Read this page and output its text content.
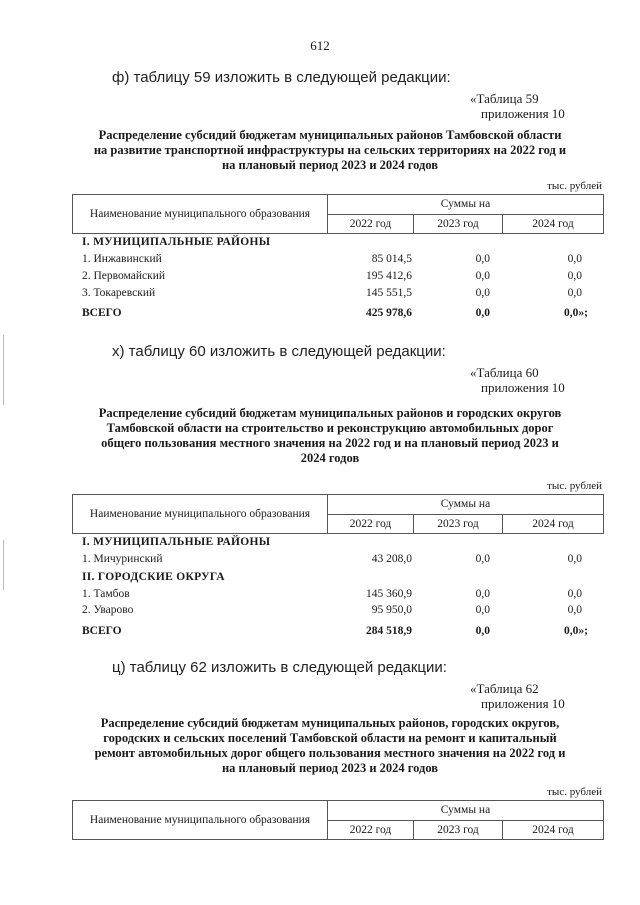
612
ф) таблицу 59 изложить в следующей редакции:
«Таблица 59
приложения 10
Распределение субсидий бюджетам муниципальных районов Тамбовской области
на развитие транспортной инфраструктуры на сельских территориях на 2022 год и
на плановый период 2023 и 2024 годов
тыс. рублей
Наименование муниципального образования	Суммы на		
	2022 год	2023 год	2024 год
I. МУНИЦИПАЛЬНЫЕ РАЙОНЫ
1. Инжавинский	85 014,5	0,0	0,0
2. Первомайский	195 412,6	0,0	0,0
3. Токаревский	145 551,5	0,0	0,0
ВСЕГО	425 978,6	0,0	0,0»;
х) таблицу 60 изложить в следующей редакции:
«Таблица 60
приложения 10
Распределение субсидий бюджетам муниципальных районов и городских округов
Тамбовской области на строительство и реконструкцию автомобильных дорог
общего пользования местного значения на 2022 год и на плановый период 2023 и
2024 годов
тыс. рублей
Наименование муниципального образования	Суммы на		
	2022 год	2023 год	2024 год
I. МУНИЦИПАЛЬНЫЕ РАЙОНЫ
1. Мичуринский	43 208,0	0,0	0,0
II. ГОРОДСКИЕ ОКРУГА
1. Тамбов	145 360,9	0,0	0,0
2. Уварово	95 950,0	0,0	0,0
ВСЕГО	284 518,9	0,0	0,0»;
ц) таблицу 62 изложить в следующей редакции:
«Таблица 62
приложения 10
Распределение субсидий бюджетам муниципальных районов, городских округов,
городских и сельских поселений Тамбовской области на ремонт и капитальный
ремонт автомобильных дорог общего пользования местного значения на 2022 год и
на плановый период 2023 и 2024 годов
тыс. рублей
Наименование муниципального образования	Суммы на		
	2022 год	2023 год	2024 год
